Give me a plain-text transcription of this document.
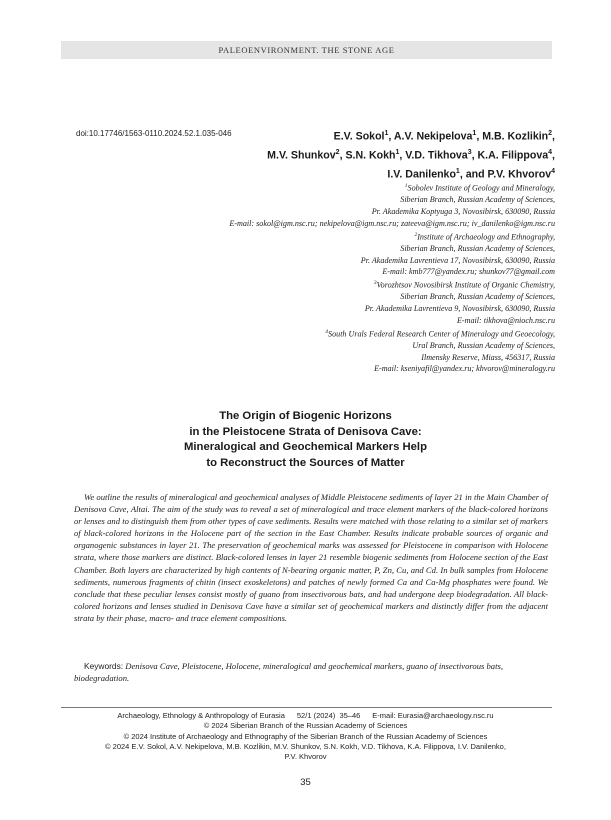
PALEOENVIRONMENT. THE STONE AGE
doi:10.17746/1563-0110.2024.52.1.035-046	E.V. Sokol$^1$, A.V. Nekipelova$^1$, M.B. Kozlikin$^2$,
M.V. Shunkov$^2$, S.N. Kokh$^1$, V.D. Tikhova$^3$, K.A. Filippova$^4$,
I.V. Danilenko$^1$, and P.V. Khvorov$^4$
$^1$Sobolev Institute of Geology and Mineralogy,
Siberian Branch, Russian Academy of Sciences,
Pr. Akademika Koptyuga 3, Novosibirsk, 630090, Russia
E-mail: sokol@igm.nsc.ru; nekipelova@igm.nsc.ru; zateeva@igm.nsc.ru; iv_danilenko@igm.nsc.ru
$^2$Institute of Archaeology and Ethnography,
Siberian Branch, Russian Academy of Sciences,
Pr. Akademika Lavrentieva 17, Novosibirsk, 630090, Russia
E-mail: kmb777@yandex.ru; shunkov77@gmail.com
$^3$Vorozhtsov Novosibirsk Institute of Organic Chemistry,
Siberian Branch, Russian Academy of Sciences,
Pr. Akademika Lavrentieva 9, Novosibirsk, 630090, Russia
E-mail: tikhova@nioch.nsc.ru
$^4$South Urals Federal Research Center of Mineralogy and Geoecology,
Ural Branch, Russian Academy of Sciences,
Ilmensky Reserve, Miass, 456317, Russia
E-mail: kseniyafil@yandex.ru; khvorov@mineralogy.ru
The Origin of Biogenic Horizons
in the Pleistocene Strata of Denisova Cave:
Mineralogical and Geochemical Markers Help
to Reconstruct the Sources of Matter

We outline the results of mineralogical and geochemical analyses of Middle Pleistocene sediments of layer 21 in the Main Chamber of Denisova Cave, Altai. The aim of the study was to reveal a set of mineralogical and trace element markers of the black-colored horizons or lenses and to distinguish them from other types of cave sediments. Results were matched with those relating to a similar set of markers of black-colored horizons in the Holocene part of the section in the East Chamber. Results indicate probable sources of organic and organogenic substances in layer 21. The preservation of geochemical marks was assessed for Pleistocene in comparison with Holocene strata, where those markers are distinct. Black-colored lenses in layer 21 resemble biogenic sediments from Holocene section of the East Chamber. Both layers are characterized by high contents of N-bearing organic matter, P, Zn, Cu, and Cd. In bulk samples from Holocene sediments, numerous fragments of chitin (insect exoskeletons) and patches of newly formed Ca and Ca-Mg phosphates were found. We conclude that these peculiar lenses consist mostly of guano from insectivorous bats, and had undergone deep biodegradation. All black-colored horizons and lenses studied in Denisova Cave have a similar set of geochemical markers and distinctly differ from the adjacent strata by their phase, macro- and trace element compositions.

Keywords: Denisova Cave, Pleistocene, Holocene, mineralogical and geochemical markers, guano of insectivorous bats, biodegradation.
Archaeology, Ethnology & Anthropology of Eurasia 52/1 (2024) 35–46 E-mail: Eurasia@archaeology.nsc.ru
© 2024 Siberian Branch of the Russian Academy of Sciences
© 2024 Institute of Archaeology and Ethnography of the Siberian Branch of the Russian Academy of Sciences
© 2024 E.V. Sokol, A.V. Nekipelova, M.B. Kozlikin, M.V. Shunkov, S.N. Kokh, V.D. Tikhova, K.A. Filippova, I.V. Danilenko,
P.V. Khvorov
35
